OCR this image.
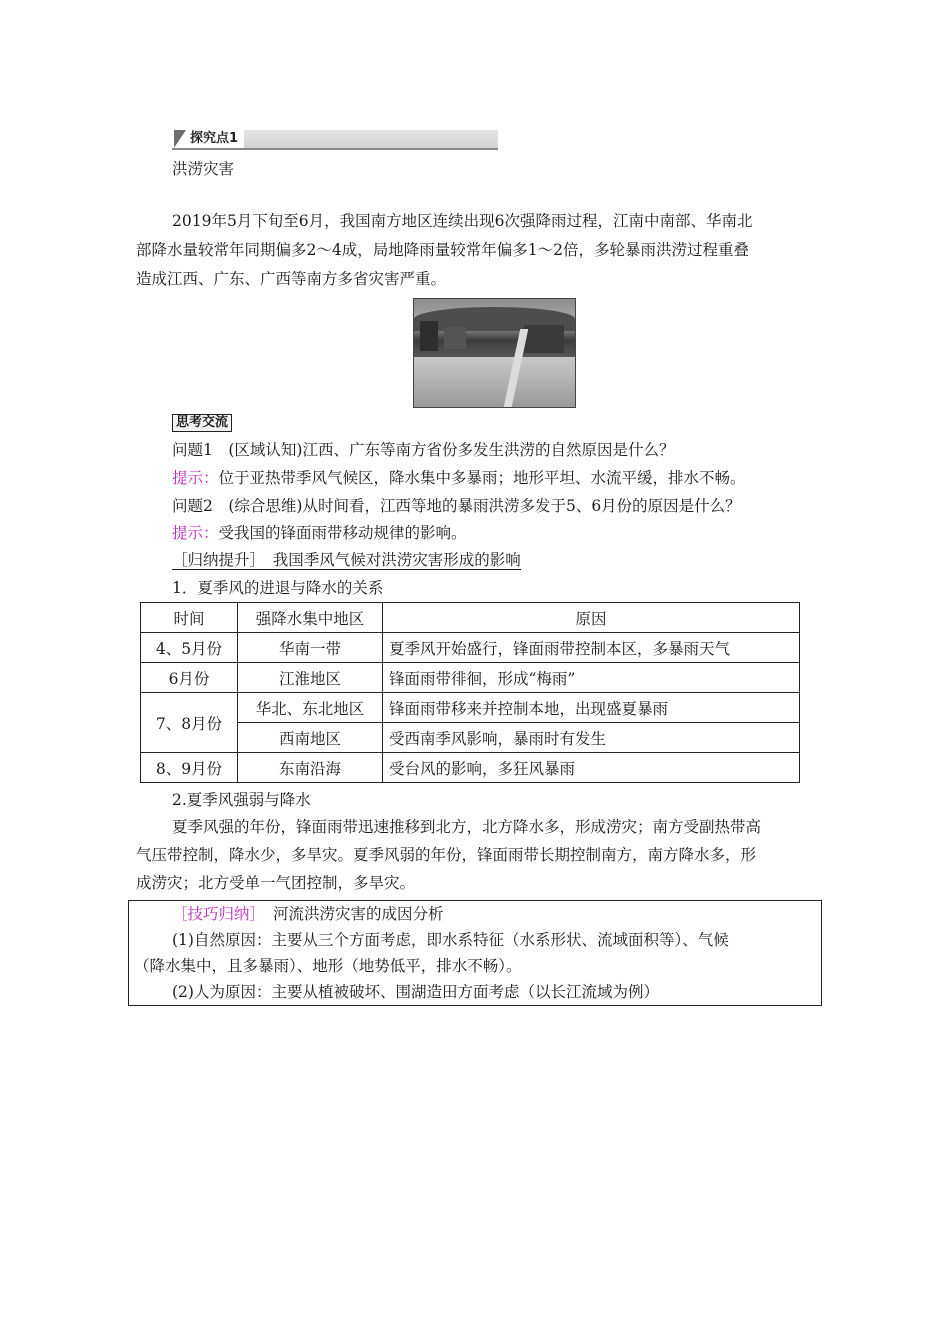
探究点1
洪涝灾害
2019年5月下旬至6月，我国南方地区连续出现6次强降雨过程，江南中南部、华南北
部降水量较常年同期偏多2～4成，局地降雨量较常年偏多1～2倍，多轮暴雨洪涝过程重叠
造成江西、广东、广西等南方多省灾害严重。
思考交流
问题1　(区域认知)江西、广东等南方省份多发生洪涝的自然原因是什么？
提示：位于亚热带季风气候区，降水集中多暴雨；地形平坦、水流平缓，排水不畅。
问题2　(综合思维)从时间看，江西等地的暴雨洪涝多发于5、6月份的原因是什么？
提示：受我国的锋面雨带移动规律的影响。
［归纳提升］　我国季风气候对洪涝灾害形成的影响
1．夏季风的进退与降水的关系
时间	强降水集中地区	原因
4、5月份	华南一带	夏季风开始盛行，锋面雨带控制本区，多暴雨天气
6月份	江淮地区	锋面雨带徘徊，形成“梅雨”
7、8月份	华北、东北地区	锋面雨带移来并控制本地，出现盛夏暴雨
	西南地区	受西南季风影响，暴雨时有发生
8、9月份	东南沿海	受台风的影响，多狂风暴雨
2.夏季风强弱与降水
夏季风强的年份，锋面雨带迅速推移到北方，北方降水多，形成涝灾；南方受副热带高
气压带控制，降水少，多旱灾。夏季风弱的年份，锋面雨带长期控制南方，南方降水多，形
成涝灾；北方受单一气团控制，多旱灾。
［技巧归纳］ 河流洪涝灾害的成因分析
(1)自然原因：主要从三个方面考虑，即水系特征（水系形状、流域面积等）、气候
（降水集中，且多暴雨）、地形（地势低平，排水不畅）。
(2)人为原因：主要从植被破坏、围湖造田方面考虑（以长江流域为例）
